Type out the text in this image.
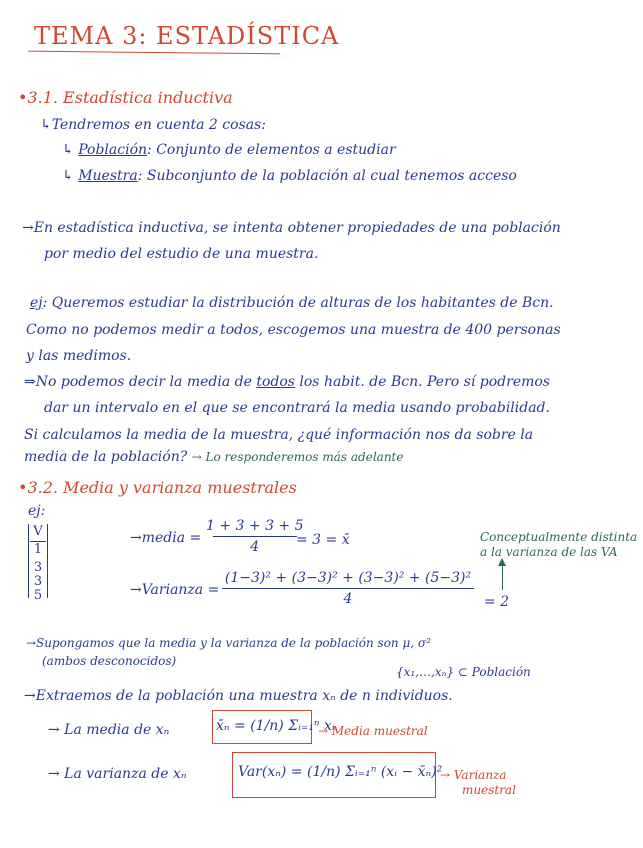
TEMA 3: ESTADÍSTICA
•3.1. Estadística inductiva
↳Tendremos en cuenta 2 cosas:
↳ Población: Conjunto de elementos a estudiar
↳ Muestra: Subconjunto de la población al cual tenemos acceso
→En estadística inductiva, se intenta obtener propiedades de una población
por medio del estudio de una muestra.
ej: Queremos estudiar la distribución de alturas de los habitantes de Bcn.
Como no podemos medir a todos, escogemos una muestra de 400 personas
y las medimos.
⇒No podemos decir la media de todos los habit. de Bcn. Pero sí podremos
dar un intervalo en el que se encontrará la media usando probabilidad.
Si calculamos la media de la muestra, ¿qué información nos da sobre la
media de la población? → Lo responderemos más adelante
•3.2. Media y varianza muestrales
ej:
V
1
3
3
5
→media =
1 + 3 + 3 + 5
4	= 3 = x̄	Conceptualmente distinta
a la varianza de las VA
→Varianza =
(1−3)² + (3−3)² + (3−3)² + (5−3)²
4	= 2
→Supongamos que la media y la varianza de la población son μ, σ²
(ambos desconocidos)
{x₁,…,xₙ} ⊂ Población
→Extraemos de la población una muestra xₙ de n individuos.
→ La media de xₙ	x̄ₙ = (1/n) Σᵢ₌₁ⁿ xᵢ
→ Media muestral
→ La varianza de xₙ	Var(xₙ) = (1/n) Σᵢ₌₁ⁿ (xᵢ − x̄ₙ)²
→ Varianza
muestral
